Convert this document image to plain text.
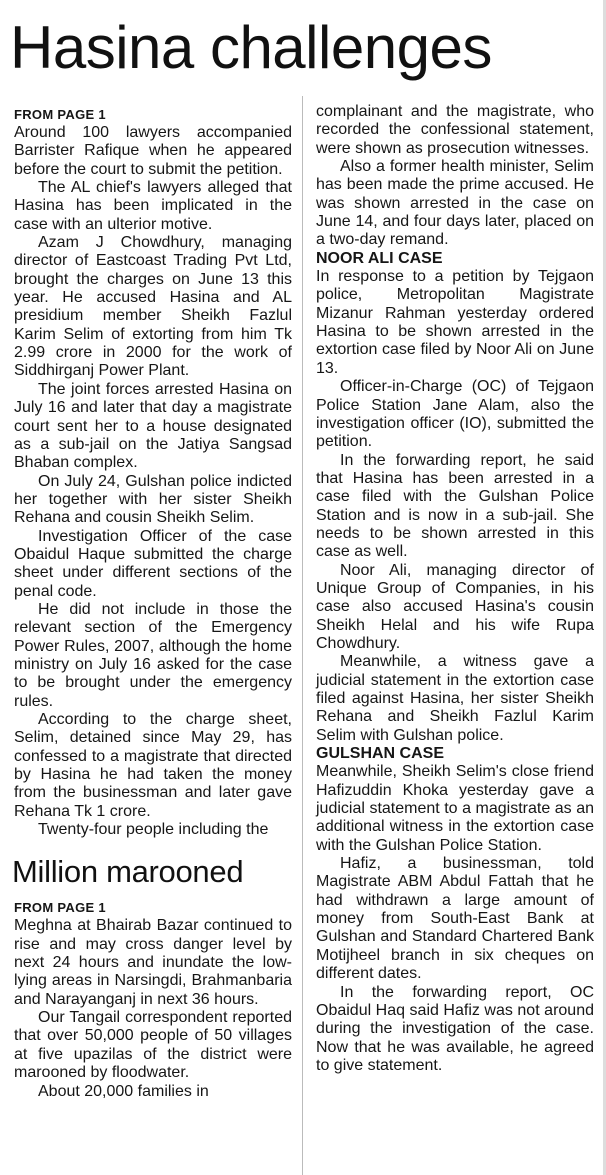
Hasina challenges

FROM PAGE 1

Around 100 lawyers accompanied Barrister Rafique when he appeared before the court to submit the petition.

The AL chief's lawyers alleged that Hasina has been implicated in the case with an ulterior motive.

Azam J Chowdhury, managing director of Eastcoast Trading Pvt Ltd, brought the charges on June 13 this year. He accused Hasina and AL presidium member Sheikh Fazlul Karim Selim of extorting from him Tk 2.99 crore in 2000 for the work of Siddhirganj Power Plant.

The joint forces arrested Hasina on July 16 and later that day a magistrate court sent her to a house designated as a sub-jail on the Jatiya Sangsad Bhaban complex.

On July 24, Gulshan police indicted her together with her sister Sheikh Rehana and cousin Sheikh Selim.

Investigation Officer of the case Obaidul Haque submitted the charge sheet under different sections of the penal code.

He did not include in those the relevant section of the Emergency Power Rules, 2007, although the home ministry on July 16 asked for the case to be brought under the emergency rules.

According to the charge sheet, Selim, detained since May 29, has confessed to a magistrate that directed by Hasina he had taken the money from the businessman and later gave Rehana Tk 1 crore.

Twenty-four people including the

Million marooned

FROM PAGE 1

Meghna at Bhairab Bazar continued to rise and may cross danger level by next 24 hours and inundate the low-lying areas in Narsingdi, Brahmanbaria and Narayanganj in next 36 hours.

Our Tangail correspondent reported that over 50,000 people of 50 villages at five upazilas of the district were marooned by floodwater.

About 20,000 families in

complainant and the magistrate, who recorded the confessional statement, were shown as prosecution witnesses.

Also a former health minister, Selim has been made the prime accused. He was shown arrested in the case on June 14, and four days later, placed on a two-day remand.

NOOR ALI CASE

In response to a petition by Tejgaon police, Metropolitan Magistrate Mizanur Rahman yesterday ordered Hasina to be shown arrested in the extortion case filed by Noor Ali on June 13.

Officer-in-Charge (OC) of Tejgaon Police Station Jane Alam, also the investigation officer (IO), submitted the petition.

In the forwarding report, he said that Hasina has been arrested in a case filed with the Gulshan Police Station and is now in a sub-jail. She needs to be shown arrested in this case as well.

Noor Ali, managing director of Unique Group of Companies, in his case also accused Hasina's cousin Sheikh Helal and his wife Rupa Chowdhury.

Meanwhile, a witness gave a judicial statement in the extortion case filed against Hasina, her sister Sheikh Rehana and Sheikh Fazlul Karim Selim with Gulshan police.

GULSHAN CASE

Meanwhile, Sheikh Selim's close friend Hafizuddin Khoka yesterday gave a judicial statement to a magistrate as an additional witness in the extortion case with the Gulshan Police Station.

Hafiz, a businessman, told Magistrate ABM Abdul Fattah that he had withdrawn a large amount of money from South-East Bank at Gulshan and Standard Chartered Bank Motijheel branch in six cheques on different dates.

In the forwarding report, OC Obaidul Haq said Hafiz was not around during the investigation of the case. Now that he was available, he agreed to give statement.
